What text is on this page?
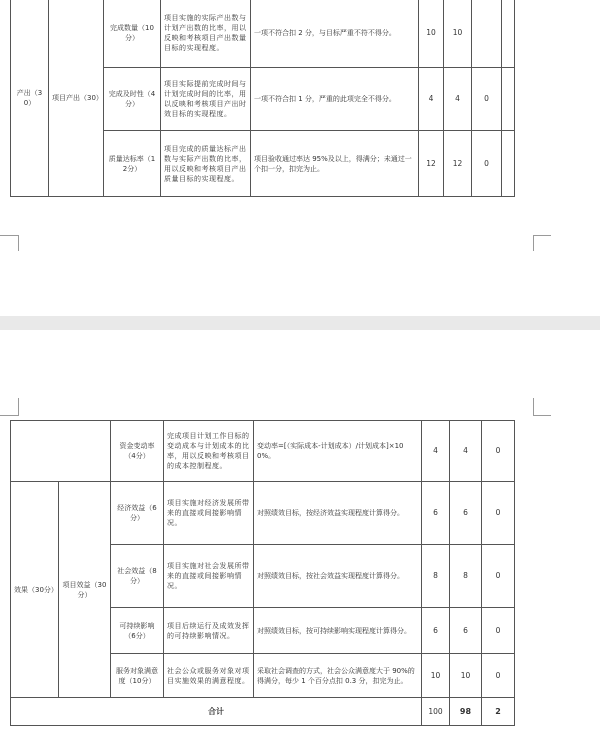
产出（30）	项目产出（30）	完成数量（10分）	项目实施的实际产出数与计划产出数的比率，用以反映和考核项目产出数量目标的实现程度。	一项不符合扣 2 分，与目标严重不符不得分。	10	10		
		完成及时性（4分）	项目实际提前完成时间与计划完成时间的比率，用以反映和考核项目产出时效目标的实现程度。	一项不符合扣 1 分，严重的此项完全不得分。	4	4	0	
		质量达标率（12分）	项目完成的质量达标产出数与实际产出数的比率，用以反映和考核项目产出质量目标的实现程度。	项目验收通过率达 95%及以上，得满分；未通过一个扣一分，扣完为止。	12	12	0	
		资金变动率（4分）	完成项目计划工作目标的变动成本与计划成本的比率，用以反映和考核项目的成本控制程度。	变动率=[（实际成本-计划成本）/计划成本]×100%。	4	4	0
效果（30分）	项目效益（30分）	经济效益（6分）	项目实施对经济发展所带来的直接或间接影响情况。	对照绩效目标，按经济效益实现程度计算得分。	6	6	0
		社会效益（8分）	项目实施对社会发展所带来的直接或间接影响情况。	对照绩效目标，按社会效益实现程度计算得分。	8	8	0
		可持续影响（6分）	项目后续运行及成效发挥的可持续影响情况。	对照绩效目标，按可持续影响实现程度计算得分。	6	6	0
		服务对象满意度（10分）	社会公众或服务对象对项目实施效果的满意程度。	采取社会调查的方式，社会公众满意度大于 90%的得满分，每少 1 个百分点扣 0.3 分，扣完为止。	10	10	0
合计					100	98	2
